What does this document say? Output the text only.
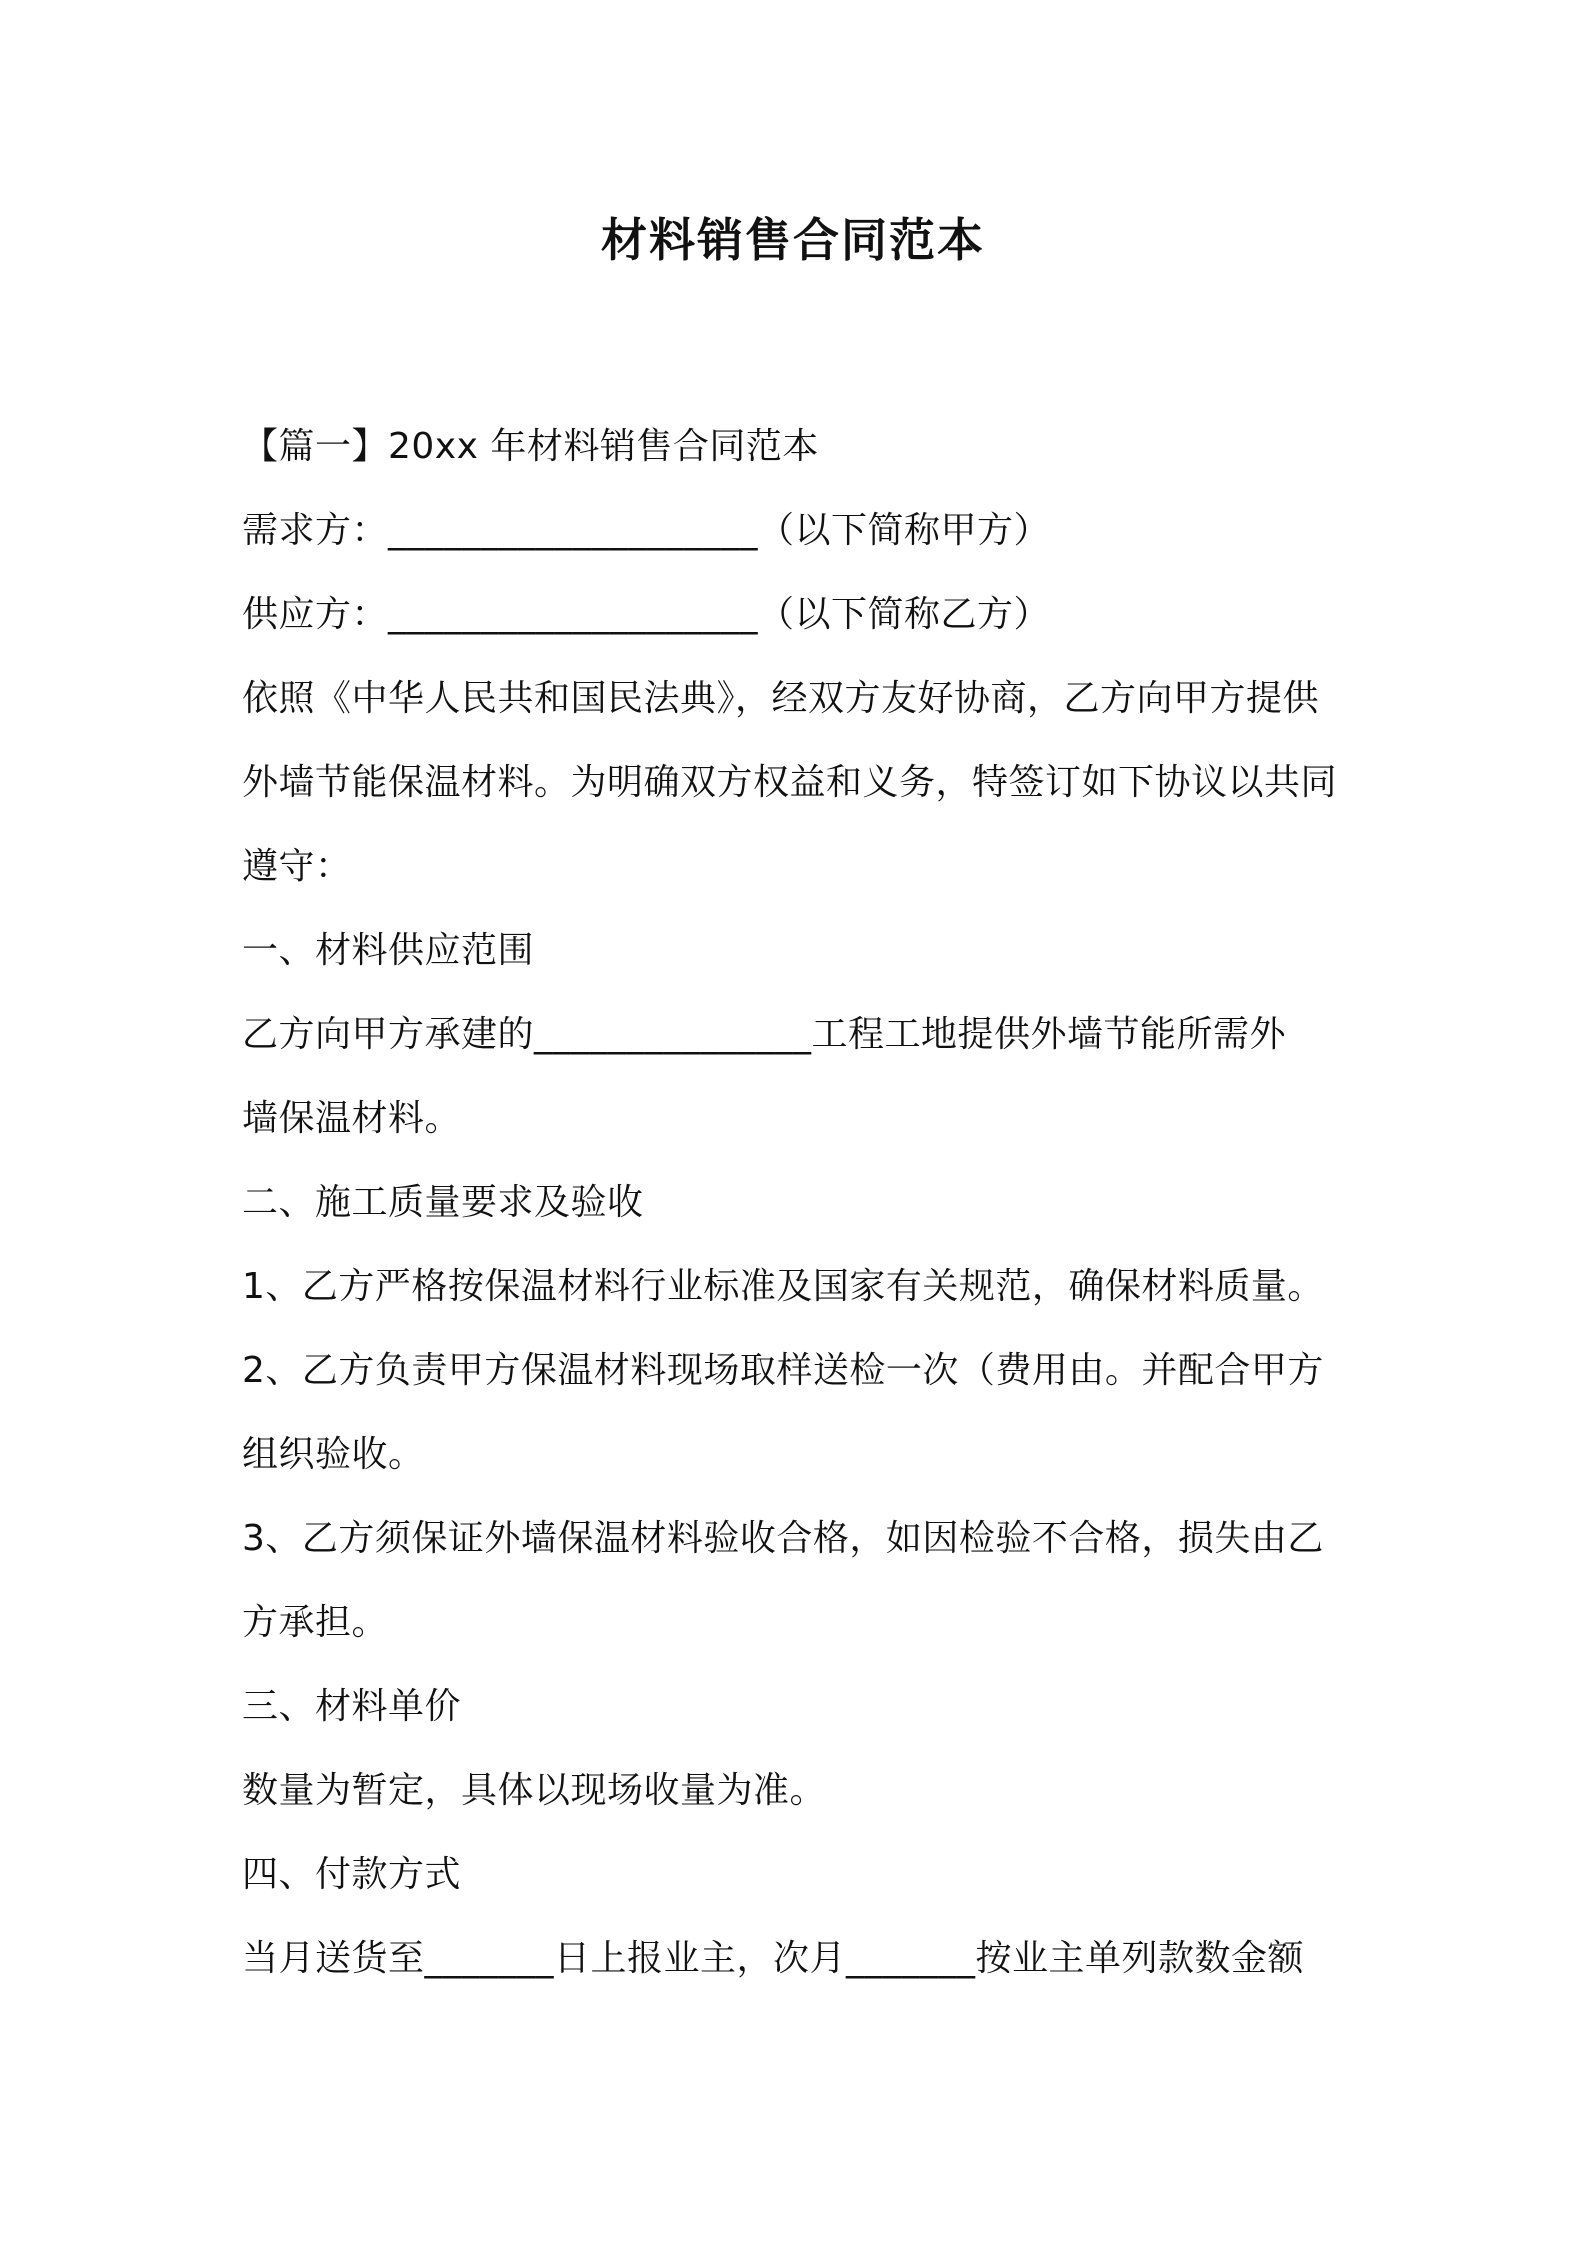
材料销售合同范本
【篇一】20xx 年材料销售合同范本
需求方：____________________（以下简称甲方）
供应方：____________________（以下简称乙方）
依照《中华人民共和国民法典》，经双方友好协商，乙方向甲方提供
外墙节能保温材料。为明确双方权益和义务，特签订如下协议以共同
遵守：
一、材料供应范围
乙方向甲方承建的_______________工程工地提供外墙节能所需外
墙保温材料。
二、施工质量要求及验收
1、乙方严格按保温材料行业标准及国家有关规范，确保材料质量。
2、乙方负责甲方保温材料现场取样送检一次（费用由。并配合甲方
组织验收。
3、乙方须保证外墙保温材料验收合格，如因检验不合格，损失由乙
方承担。
三、材料单价
数量为暂定，具体以现场收量为准。
四、付款方式
当月送货至_______日上报业主，次月_______按业主单列款数金额
